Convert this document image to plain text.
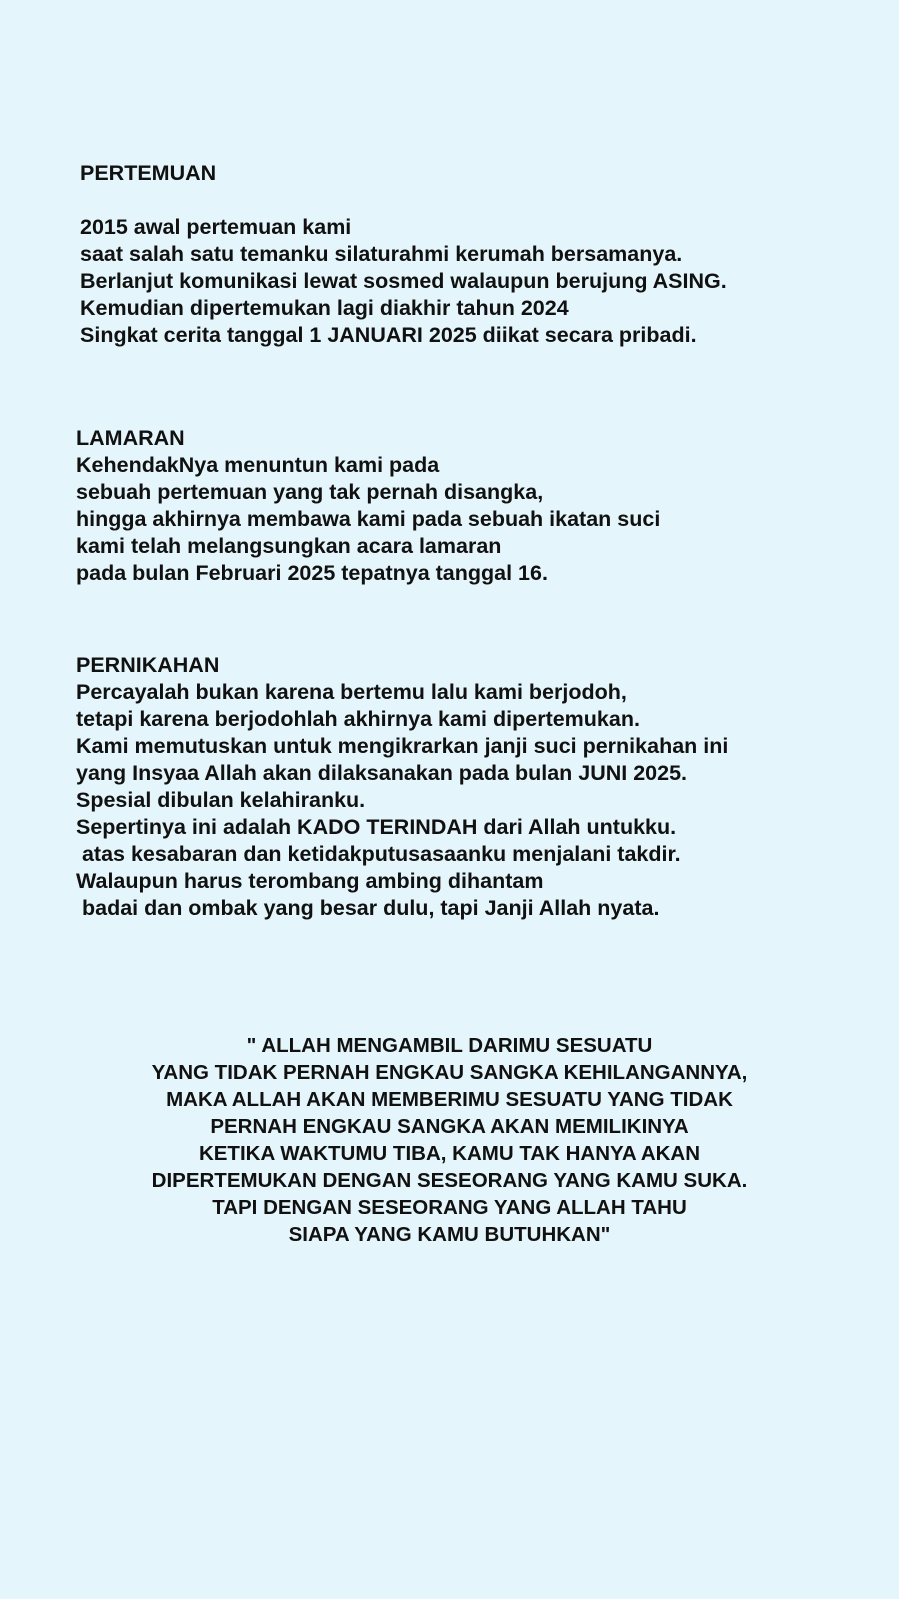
PERTEMUAN
2015 awal pertemuan kami
saat salah satu temanku silaturahmi kerumah bersamanya.
Berlanjut komunikasi lewat sosmed walaupun berujung ASING.
Kemudian dipertemukan lagi diakhir tahun 2024
Singkat cerita tanggal 1 JANUARI 2025 diikat secara pribadi.
LAMARAN
KehendakNya menuntun kami pada
sebuah pertemuan yang tak pernah disangka,
hingga akhirnya membawa kami pada sebuah ikatan suci
kami telah melangsungkan acara lamaran
pada bulan Februari 2025 tepatnya tanggal 16.
PERNIKAHAN
Percayalah bukan karena bertemu lalu kami berjodoh,
tetapi karena berjodohlah akhirnya kami dipertemukan.
Kami memutuskan untuk mengikrarkan janji suci pernikahan ini
yang Insyaa Allah akan dilaksanakan pada bulan JUNI 2025.
Spesial dibulan kelahiranku.
Sepertinya ini adalah KADO TERINDAH dari Allah untukku.
atas kesabaran dan ketidakputusasaanku menjalani takdir.
Walaupun harus terombang ambing dihantam
badai dan ombak yang besar dulu, tapi Janji Allah nyata.
" ALLAH MENGAMBIL DARIMU SESUATU
YANG TIDAK PERNAH ENGKAU SANGKA KEHILANGANNYA,
MAKA ALLAH AKAN MEMBERIMU SESUATU YANG TIDAK
PERNAH ENGKAU SANGKA AKAN MEMILIKINYA
KETIKA WAKTUMU TIBA, KAMU TAK HANYA AKAN
DIPERTEMUKAN DENGAN SESEORANG YANG KAMU SUKA.
TAPI DENGAN SESEORANG YANG ALLAH TAHU
SIAPA YANG KAMU BUTUHKAN"
